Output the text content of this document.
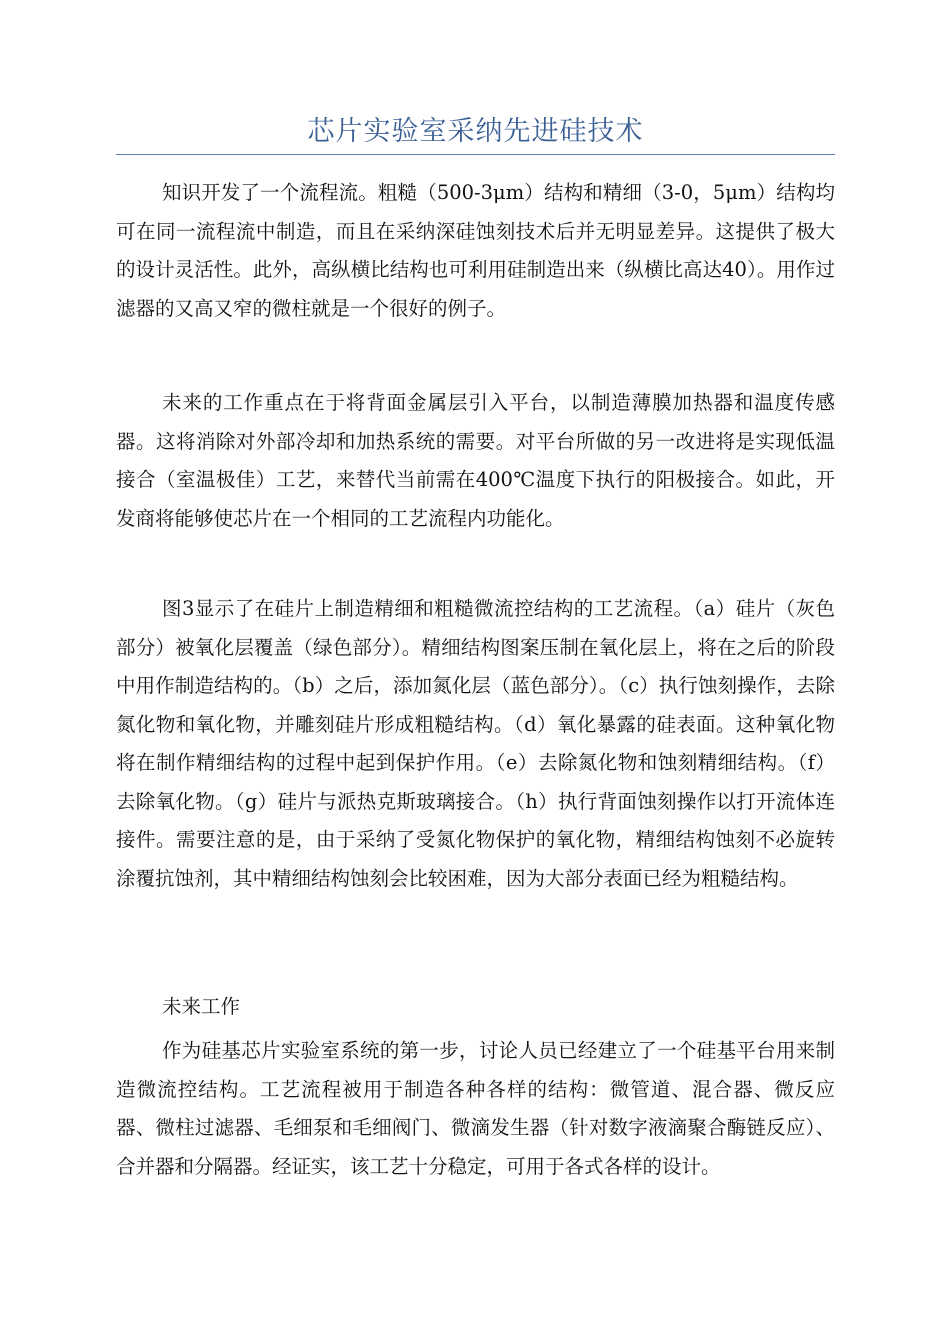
芯片实验室采纳先进硅技术

知识开发了一个流程流。粗糙（500-3μm）结构和精细（3-0，5μm）结构均可在同一流程流中制造，而且在采纳深硅蚀刻技术后并无明显差异。这提供了极大的设计灵活性。此外，高纵横比结构也可利用硅制造出来（纵横比高达40）。用作过滤器的又高又窄的微柱就是一个很好的例子。

未来的工作重点在于将背面金属层引入平台，以制造薄膜加热器和温度传感器。这将消除对外部冷却和加热系统的需要。对平台所做的另一改进将是实现低温接合（室温极佳）工艺，来替代当前需在400℃温度下执行的阳极接合。如此，开发商将能够使芯片在一个相同的工艺流程内功能化。

图3显示了在硅片上制造精细和粗糙微流控结构的工艺流程。（a）硅片（灰色部分）被氧化层覆盖（绿色部分）。精细结构图案压制在氧化层上，将在之后的阶段中用作制造结构的。（b）之后，添加氮化层（蓝色部分）。（c）执行蚀刻操作，去除氮化物和氧化物，并雕刻硅片形成粗糙结构。（d）氧化暴露的硅表面。这种氧化物将在制作精细结构的过程中起到保护作用。（e）去除氮化物和蚀刻精细结构。（f）去除氧化物。（g）硅片与派热克斯玻璃接合。（h）执行背面蚀刻操作以打开流体连接件。需要注意的是，由于采纳了受氮化物保护的氧化物，精细结构蚀刻不必旋转涂覆抗蚀剂，其中精细结构蚀刻会比较困难，因为大部分表面已经为粗糙结构。

未来工作

作为硅基芯片实验室系统的第一步，讨论人员已经建立了一个硅基平台用来制造微流控结构。工艺流程被用于制造各种各样的结构：微管道、混合器、微反应器、微柱过滤器、毛细泵和毛细阀门、微滴发生器（针对数字液滴聚合酶链反应）、合并器和分隔器。经证实，该工艺十分稳定，可用于各式各样的设计。
